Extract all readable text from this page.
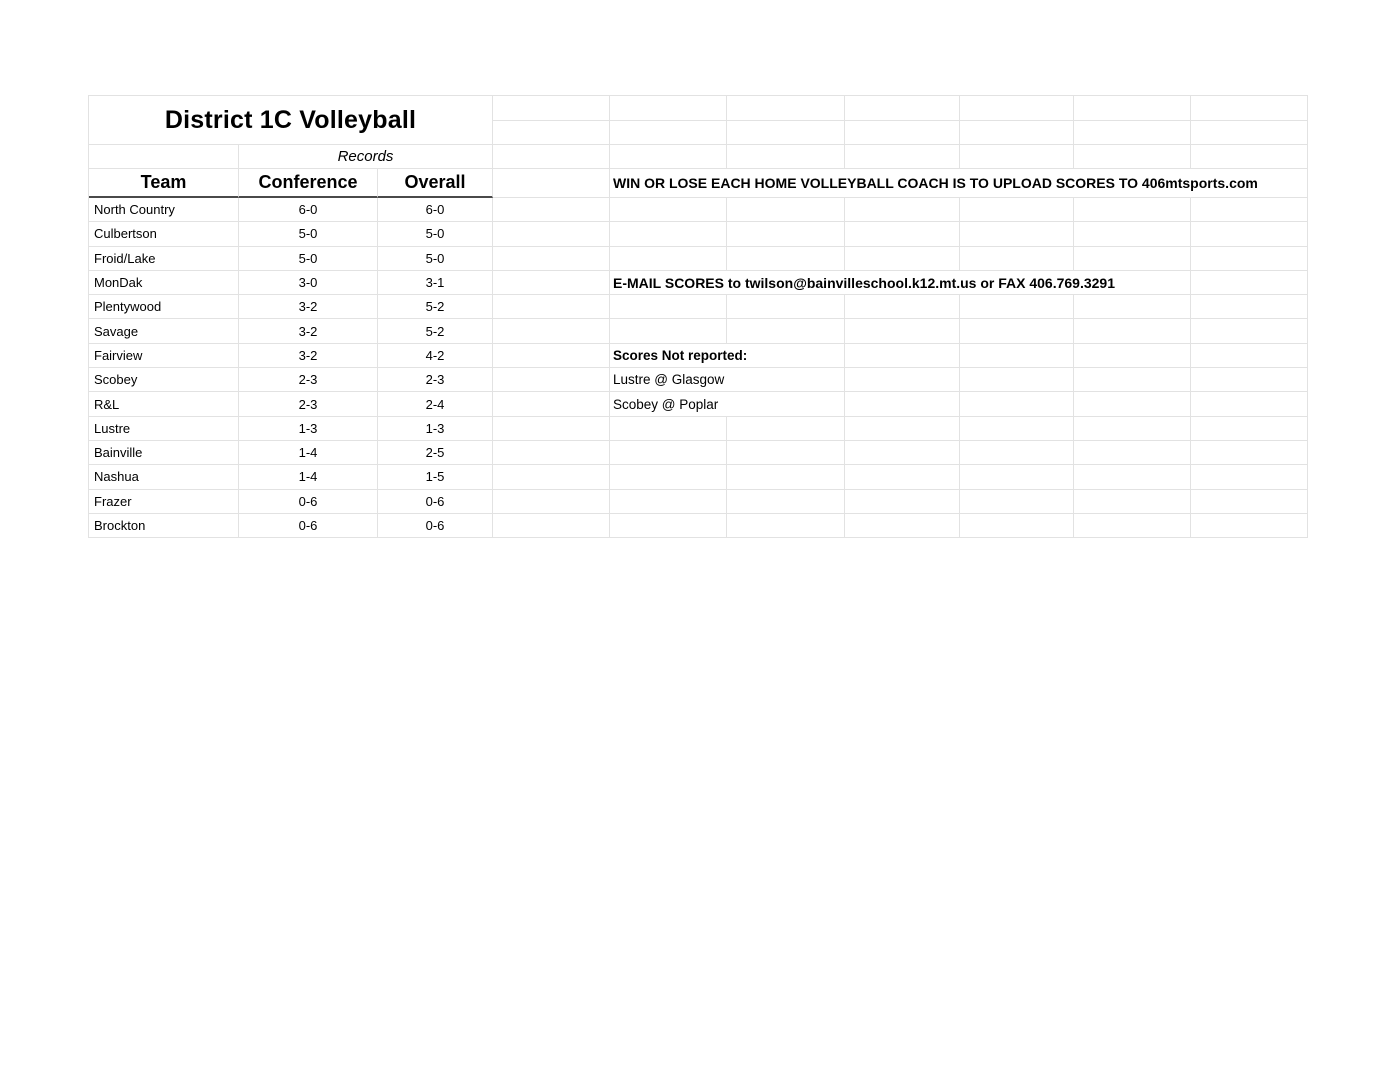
District 1C Volleyball
Records
Team	Conference	Overall	WIN OR LOSE EACH HOME VOLLEYBALL COACH IS TO UPLOAD SCORES TO 406mtsports.com
North Country	6-0	6-0
Culbertson	5-0	5-0
Froid/Lake	5-0	5-0
MonDak	3-0	3-1	E-MAIL SCORES to twilson@bainvilleschool.k12.mt.us or FAX 406.769.3291
Plentywood	3-2	5-2
Savage	3-2	5-2
Fairview	3-2	4-2	Scores Not reported:
Scobey	2-3	2-3	Lustre @ Glasgow
R&L	2-3	2-4	Scobey @ Poplar
Lustre	1-3	1-3
Bainville	1-4	2-5
Nashua	1-4	1-5
Frazer	0-6	0-6
Brockton	0-6	0-6
